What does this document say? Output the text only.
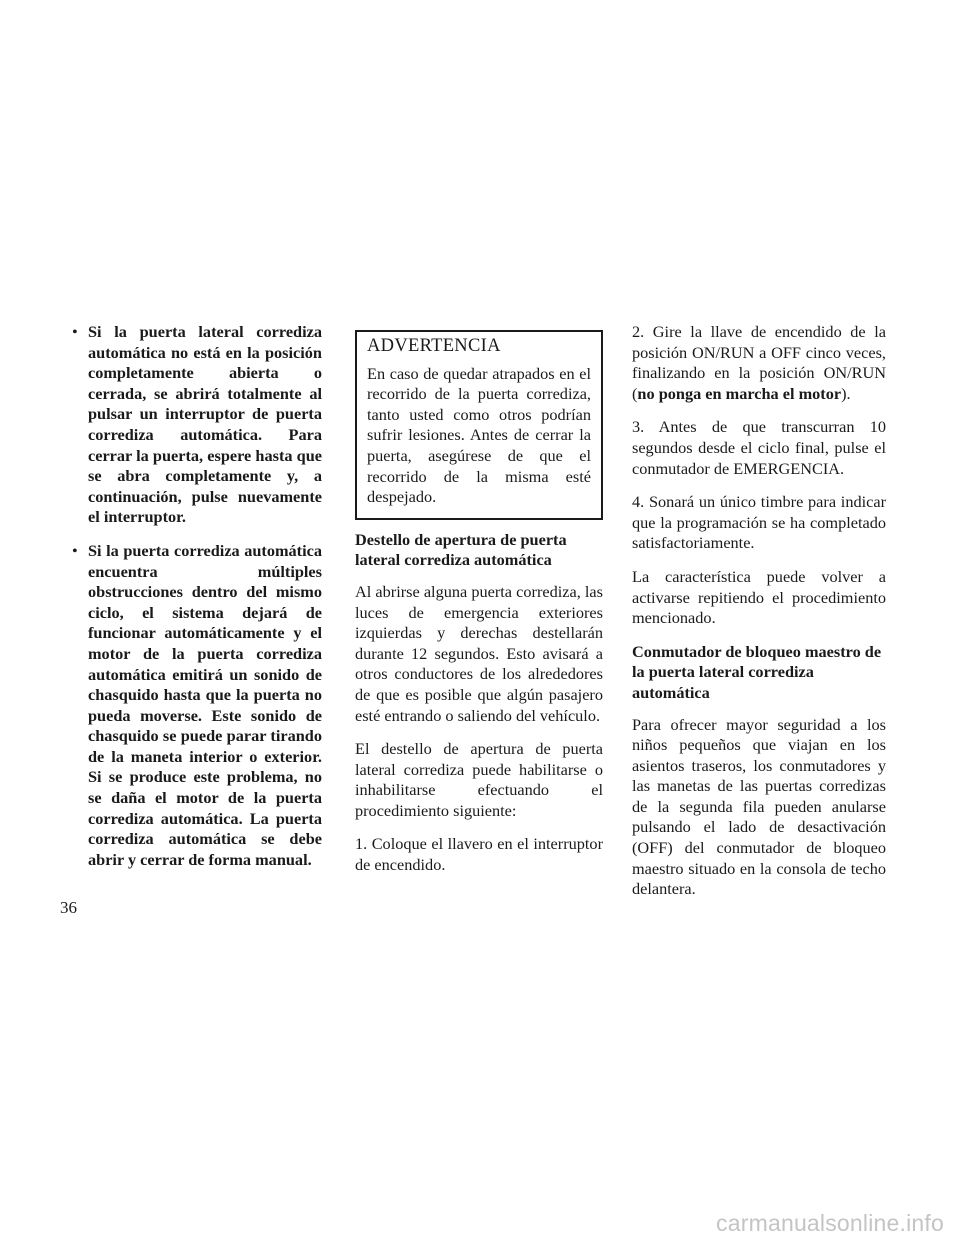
• Si la puerta lateral corrediza automática no está en la posición completamente abierta o cerrada, se abrirá totalmente al pulsar un interruptor de puerta corrediza automática. Para cerrar la puerta, espere hasta que se abra completamente y, a continuación, pulse nuevamente el interruptor.
• Si la puerta corrediza automática encuentra múltiples obstrucciones dentro del mismo ciclo, el sistema dejará de funcionar automáticamente y el motor de la puerta corrediza automática emitirá un sonido de chasquido hasta que la puerta no pueda moverse. Este sonido de chasquido se puede parar tirando de la maneta interior o exterior. Si se produce este problema, no se daña el motor de la puerta corrediza automática. La puerta corrediza automática se debe abrir y cerrar de forma manual.
ADVERTENCIA

En caso de quedar atrapados en el recorrido de la puerta corrediza, tanto usted como otros podrían sufrir lesiones. Antes de cerrar la puerta, asegúrese de que el recorrido de la misma esté despejado.

Destello de apertura de puerta lateral corrediza automática

Al abrirse alguna puerta corrediza, las luces de emergencia exteriores izquierdas y derechas destellarán durante 12 segundos. Esto avisará a otros conductores de los alrededores de que es posible que algún pasajero esté entrando o saliendo del vehículo.

El destello de apertura de puerta lateral corrediza puede habilitarse o inhabilitarse efectuando el procedimiento siguiente:

1. Coloque el llavero en el interruptor de encendido.
2. Gire la llave de encendido de la posición ON/RUN a OFF cinco veces, finalizando en la posición ON/RUN (no ponga en marcha el motor).
3. Antes de que transcurran 10 segundos desde el ciclo final, pulse el conmutador de EMERGENCIA.
4. Sonará un único timbre para indicar que la programación se ha completado satisfactoriamente.

La característica puede volver a activarse repitiendo el procedimiento mencionado.

Conmutador de bloqueo maestro de la puerta lateral corrediza automática

Para ofrecer mayor seguridad a los niños pequeños que viajan en los asientos traseros, los conmutadores y las manetas de las puertas corredizas de la segunda fila pueden anularse pulsando el lado de desactivación (OFF) del conmutador de bloqueo maestro situado en la consola de techo delantera.

36
carmanualsonline.info
